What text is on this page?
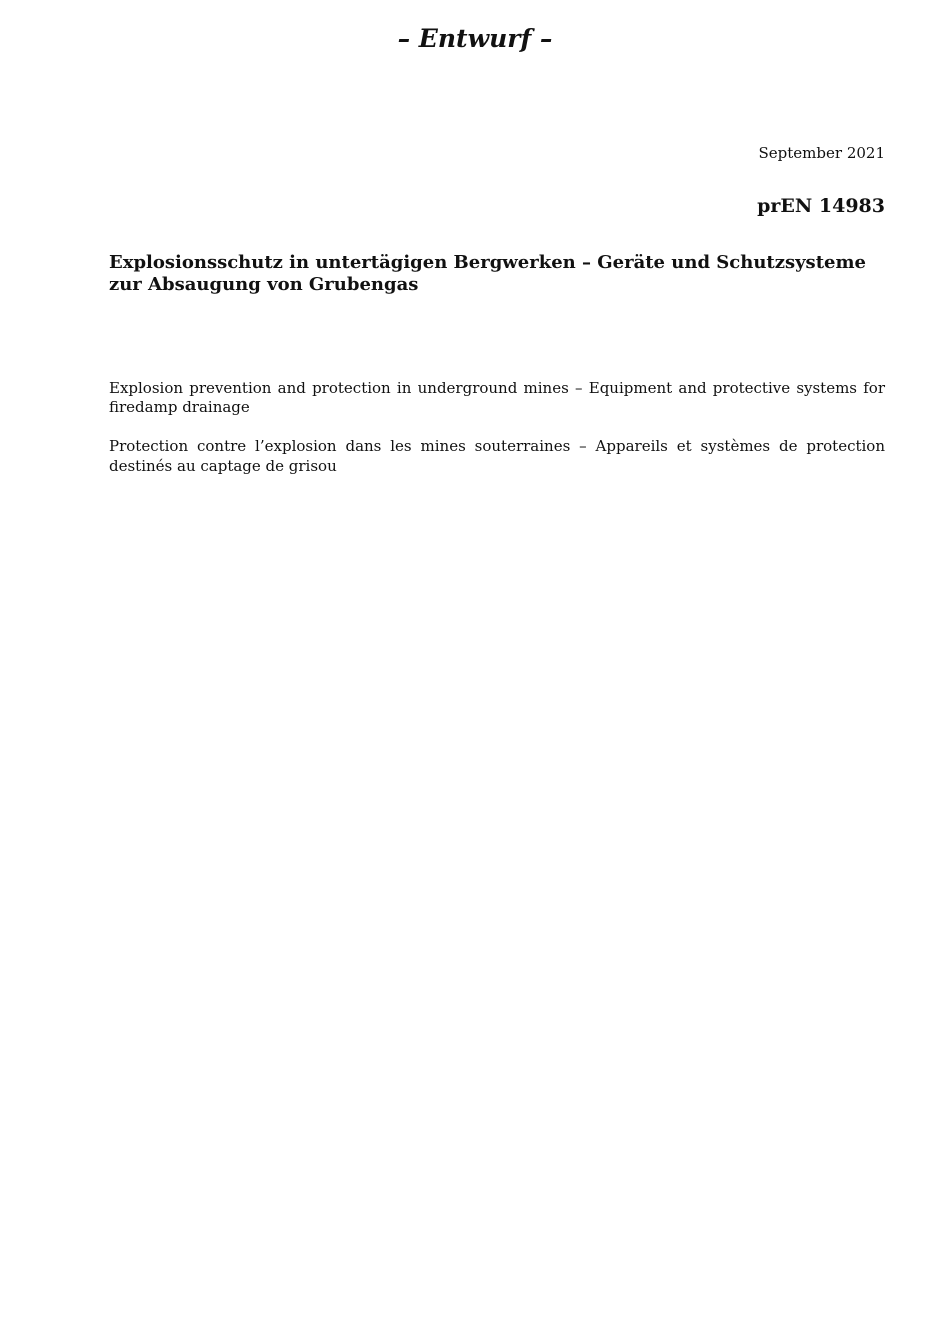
– Entwurf –

September 2021

prEN 14983

Explosionsschutz in untertägigen Bergwerken – Geräte und Schutzsysteme zur Absaugung von Grubengas

Explosion prevention and protection in underground mines – Equipment and protective systems for firedamp drainage

Protection contre l’explosion dans les mines souterraines – Appareils et systèmes de protection destinés au captage de grisou
